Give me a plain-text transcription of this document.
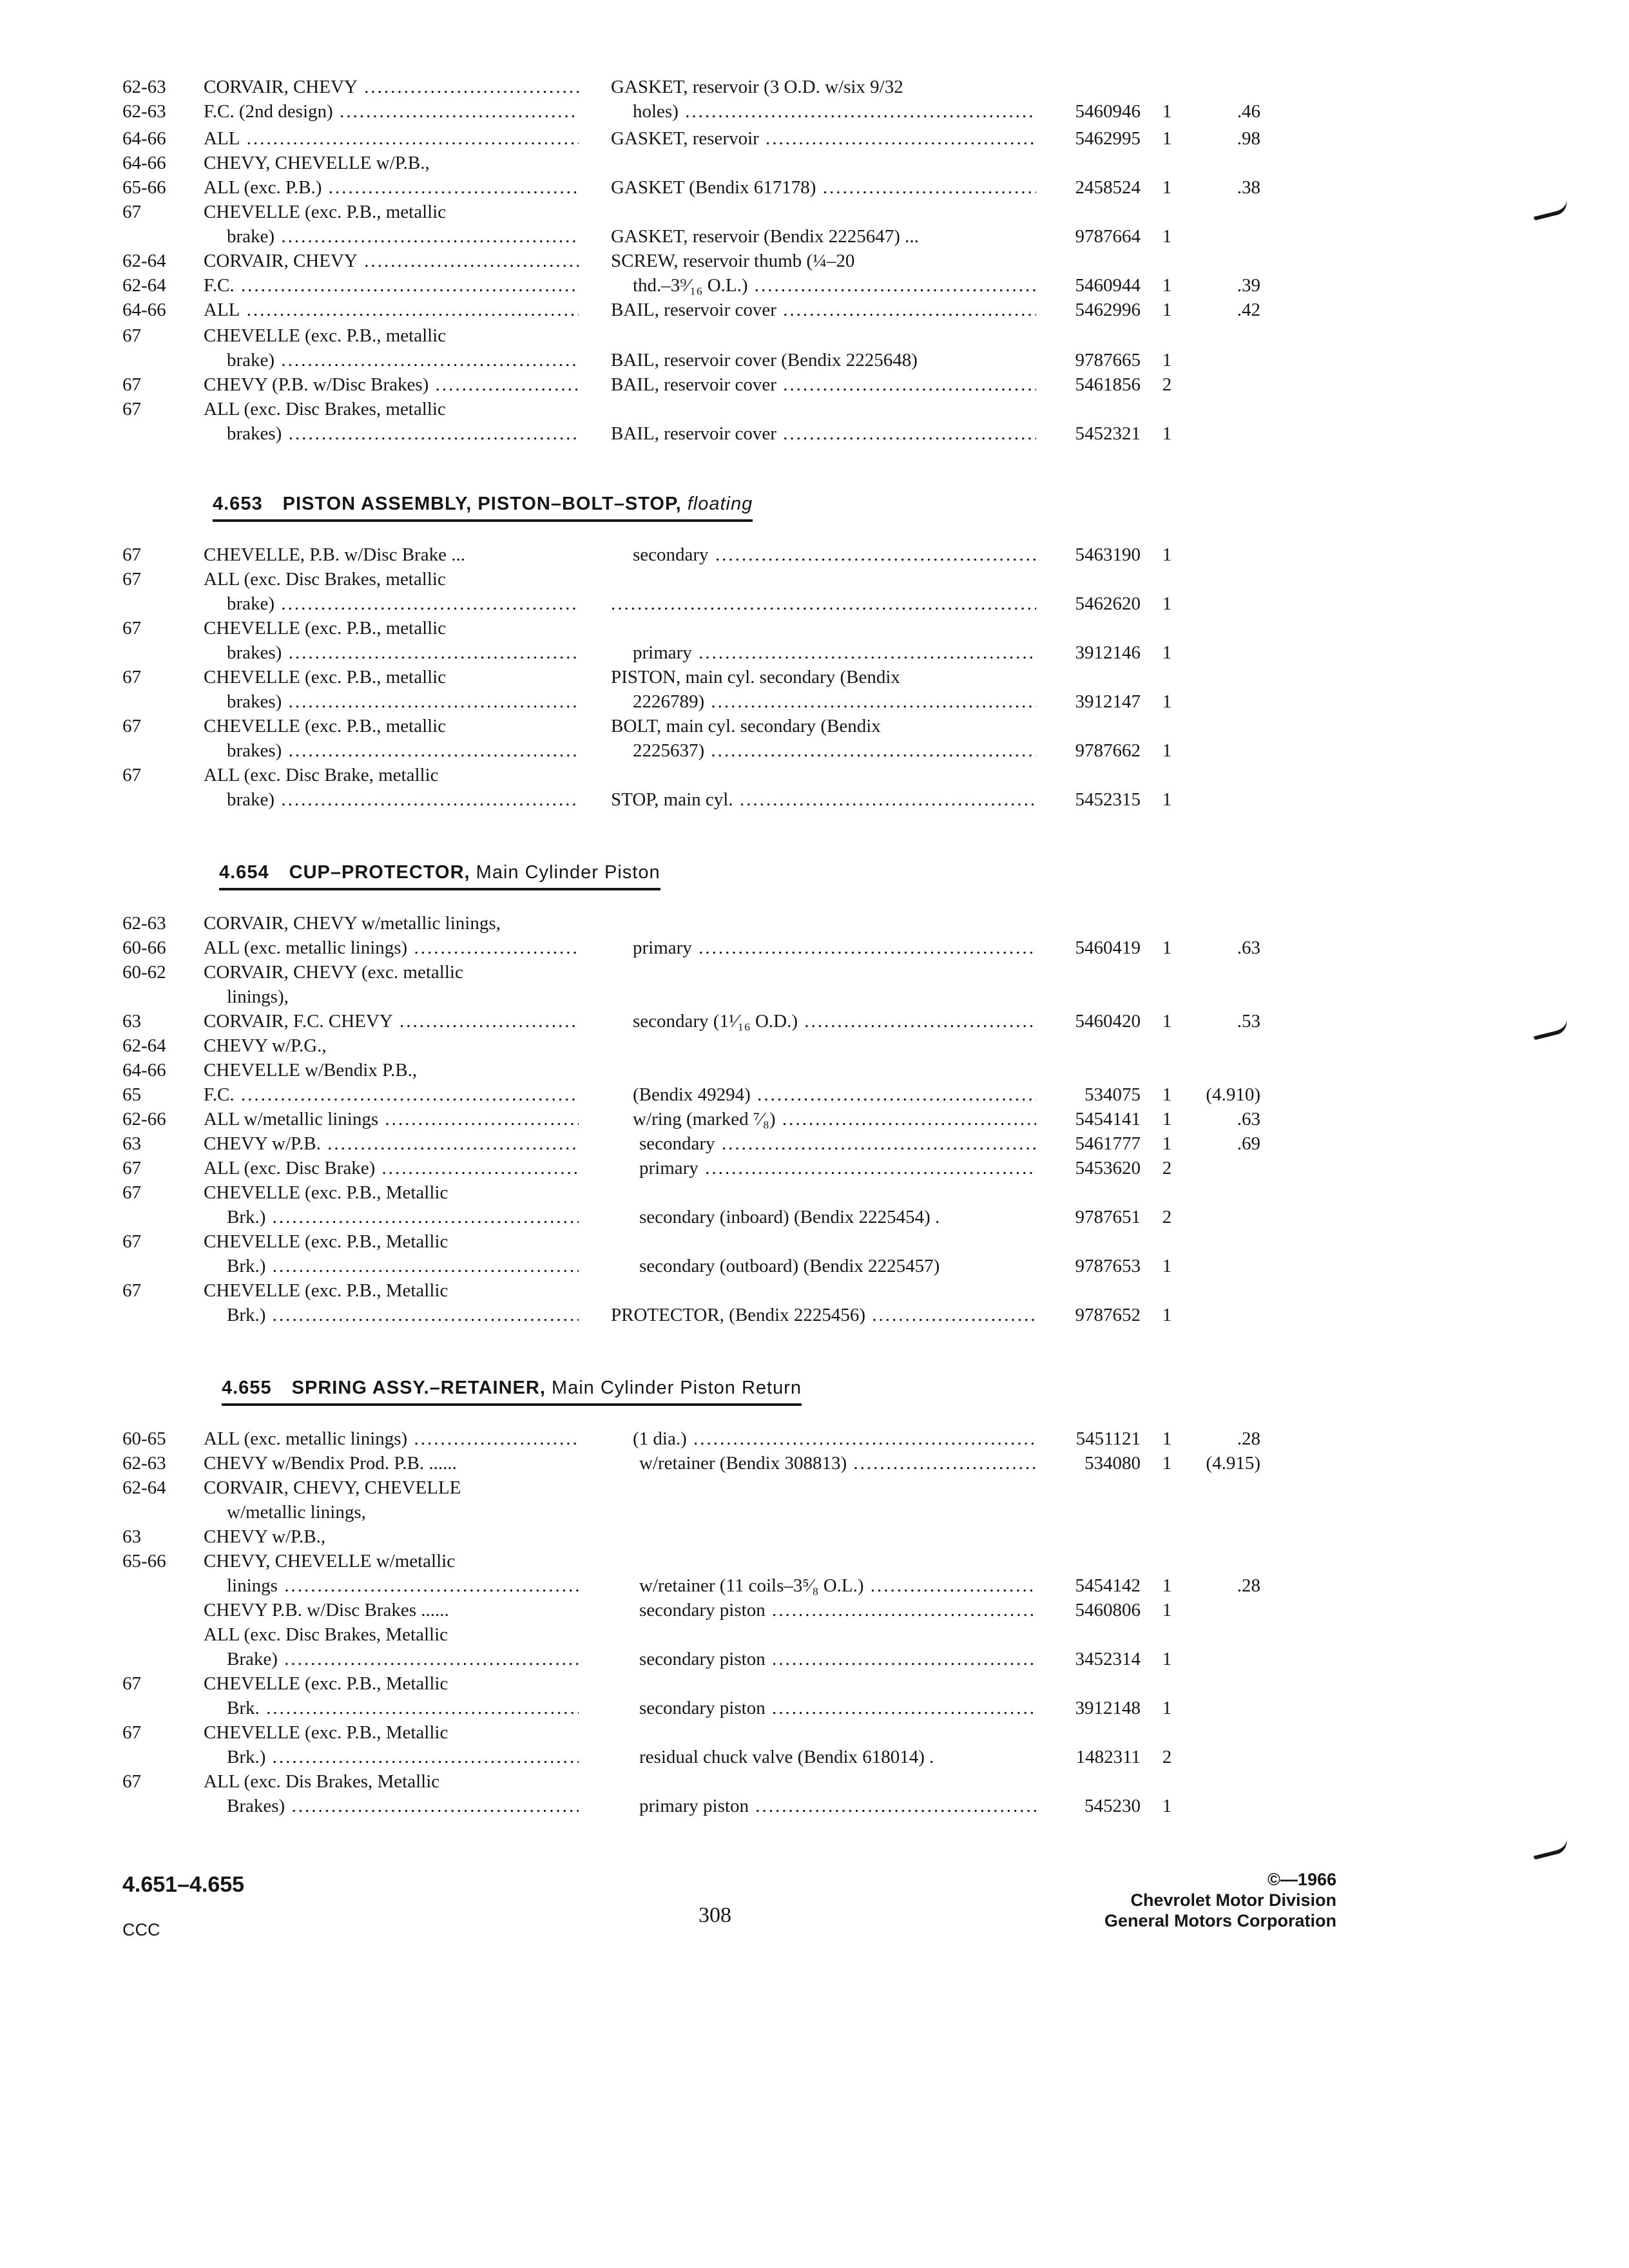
62-63 CORVAIR, CHEVY .....	GASKET, reservoir (3 O.D. w/six 9/32
62-63 F.C. (2nd design) .....	holes) .....	5460946 1	.46
64-66 ALL .....	GASKET, reservoir .....	5462995 1	.98
64-66 CHEVY, CHEVELLE w/P.B.,
65-66 ALL (exc. P.B.) .....	GASKET (Bendix 617178) .....	2458524 1	.38
67	CHEVELLE (exc. P.B., metallic
brake) .....	GASKET, reservoir (Bendix 2225647) ...	9787664 1
62-64 CORVAIR, CHEVY .....	SCREW, reservoir thumb (¼–20
62-64 F.C. .....	thd.–3⁹⁄₁₆ O.L.) .....	5460944 1	.39
64-66 ALL .....	BAIL, reservoir cover .....	5462996 1	.42
67	CHEVELLE (exc. P.B., metallic
brake) .....	BAIL, reservoir cover (Bendix 2225648)	9787665 1
67	CHEVY (P.B. w/Disc Brakes) .....	BAIL, reservoir cover .....	5461856 2
67	ALL (exc. Disc Brakes, metallic
brakes) .....	BAIL, reservoir cover .....	5452321 1
4.653 PISTON ASSEMBLY, PISTON–BOLT–STOP, floating
67	CHEVELLE, P.B. w/Disc Brake ...	secondary .....	5463190 1
67	ALL (exc. Disc Brakes, metallic
brake) .....
.....	5462620 1
67	CHEVELLE (exc. P.B., metallic
brakes) .....	primary .....	3912146 1
67	CHEVELLE (exc. P.B., metallic	PISTON, main cyl. secondary (Bendix
brakes) .....	2226789) .....	3912147 1
67	CHEVELLE (exc. P.B., metallic	BOLT, main cyl. secondary (Bendix
brakes) .....	2225637) .....	9787662 1
67	ALL (exc. Disc Brake, metallic
brake) .....	STOP, main cyl. .....	5452315 1
4.654 CUP–PROTECTOR, Main Cylinder Piston
62-63 CORVAIR, CHEVY w/metallic linings,
60-66 ALL (exc. metallic linings) .....	primary .....	5460419 1	.63
60-62 CORVAIR, CHEVY (exc. metallic
linings),
63	CORVAIR, F.C. CHEVY .....	secondary (1¹⁄₁₆ O.D.) .....	5460420 1	.53
62-64 CHEVY w/P.G.,
64-66 CHEVELLE w/Bendix P.B.,
65	F.C. .....	(Bendix 49294) .....	534075 1	(4.910)
62-66 ALL w/metallic linings .....	w/ring (marked ⁷⁄₈) .....	5454141 1	.63
63	CHEVY w/P.B. .....	secondary .....	5461777 1	.69
67	ALL (exc. Disc Brake) .....	primary .....	5453620 2
67	CHEVELLE (exc. P.B., Metallic
Brk.) .....	secondary (inboard) (Bendix 2225454) .	9787651 2
67	CHEVELLE (exc. P.B., Metallic
Brk.) .....	secondary (outboard) (Bendix 2225457)	9787653 1
67	CHEVELLE (exc. P.B., Metallic
Brk.) .....	PROTECTOR, (Bendix 2225456) .....	9787652 1
4.655 SPRING ASSY.–RETAINER, Main Cylinder Piston Return
60-65 ALL (exc. metallic linings) .....	(1 dia.) .....	5451121 1	.28
62-63 CHEVY w/Bendix Prod. P.B. ......	w/retainer (Bendix 308813) .....	534080 1	(4.915)
62-64 CORVAIR, CHEVY, CHEVELLE
w/metallic linings,
63	CHEVY w/P.B.,
65-66 CHEVY, CHEVELLE w/metallic
linings .....	w/retainer (11 coils–3⁵⁄₈ O.L.) .....	5454142 1	.28
CHEVY P.B. w/Disc Brakes ......	secondary piston .....	5460806 1
ALL (exc. Disc Brakes, Metallic
Brake) .....	secondary piston .....	3452314 1
67	CHEVELLE (exc. P.B., Metallic
Brk. .....	secondary piston .....	3912148 1
67	CHEVELLE (exc. P.B., Metallic
Brk.) .....	residual chuck valve (Bendix 618014) .	1482311 2
67	ALL (exc. Dis Brakes, Metallic
Brakes) .....	primary piston .....	545230 1
4.651–4.655
CCC
308
©—1966
Chevrolet Motor Division
General Motors Corporation
